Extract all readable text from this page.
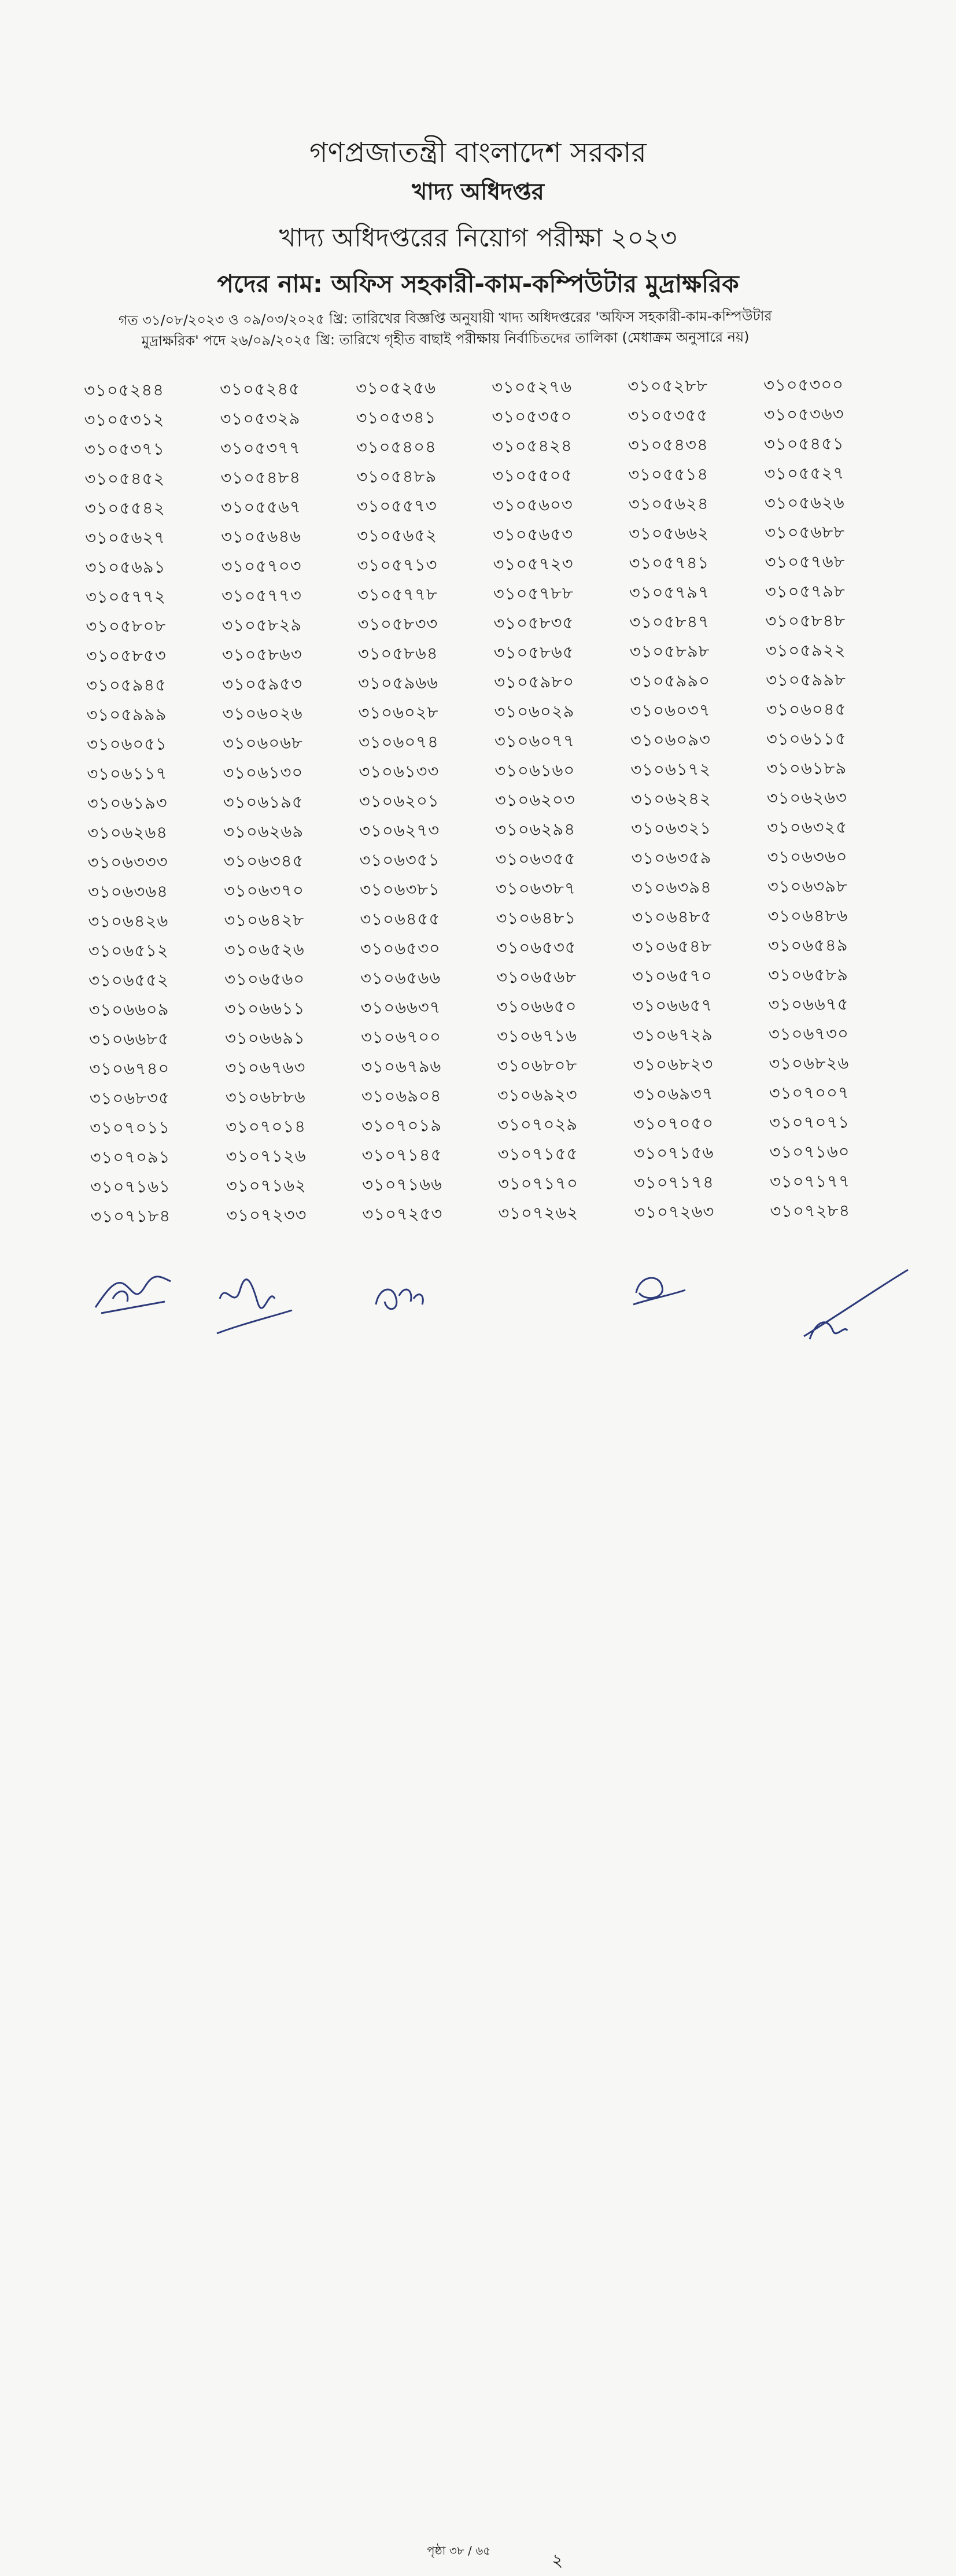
গণপ্রজাতন্ত্রী বাংলাদেশ সরকার
খাদ্য অধিদপ্তর
খাদ্য অধিদপ্তরের নিয়োগ পরীক্ষা ২০২৩
পদের নাম: অফিস সহকারী-কাম-কম্পিউটার মুদ্রাক্ষরিক
গত ৩১/০৮/২০২৩ ও ০৯/০৩/২০২৫ খ্রি: তারিখের বিজ্ঞপ্তি অনুযায়ী খাদ্য অধিদপ্তরের 'অফিস সহকারী-কাম-কম্পিউটার
মুদ্রাক্ষরিক' পদে ২৬/০৯/২০২৫ খ্রি: তারিখে গৃহীত বাছাই পরীক্ষায় নির্বাচিতদের তালিকা (মেধাক্রম অনুসারে নয়)
৩১০৫২৪৪	৩১০৫২৪৫	৩১০৫২৫৬	৩১০৫২৭৬	৩১০৫২৮৮	৩১০৫৩০০
৩১০৫৩১২	৩১০৫৩২৯	৩১০৫৩৪১	৩১০৫৩৫০	৩১০৫৩৫৫	৩১০৫৩৬৩
৩১০৫৩৭১	৩১০৫৩৭৭	৩১০৫৪০৪	৩১০৫৪২৪	৩১০৫৪৩৪	৩১০৫৪৫১
৩১০৫৪৫২	৩১০৫৪৮৪	৩১০৫৪৮৯	৩১০৫৫০৫	৩১০৫৫১৪	৩১০৫৫২৭
৩১০৫৫৪২	৩১০৫৫৬৭	৩১০৫৫৭৩	৩১০৫৬০৩	৩১০৫৬২৪	৩১০৫৬২৬
৩১০৫৬২৭	৩১০৫৬৪৬	৩১০৫৬৫২	৩১০৫৬৫৩	৩১০৫৬৬২	৩১০৫৬৮৮
৩১০৫৬৯১	৩১০৫৭০৩	৩১০৫৭১৩	৩১০৫৭২৩	৩১০৫৭৪১	৩১০৫৭৬৮
৩১০৫৭৭২	৩১০৫৭৭৩	৩১০৫৭৭৮	৩১০৫৭৮৮	৩১০৫৭৯৭	৩১০৫৭৯৮
৩১০৫৮০৮	৩১০৫৮২৯	৩১০৫৮৩৩	৩১০৫৮৩৫	৩১০৫৮৪৭	৩১০৫৮৪৮
৩১০৫৮৫৩	৩১০৫৮৬৩	৩১০৫৮৬৪	৩১০৫৮৬৫	৩১০৫৮৯৮	৩১০৫৯২২
৩১০৫৯৪৫	৩১০৫৯৫৩	৩১০৫৯৬৬	৩১০৫৯৮০	৩১০৫৯৯০	৩১০৫৯৯৮
৩১০৫৯৯৯	৩১০৬০২৬	৩১০৬০২৮	৩১০৬০২৯	৩১০৬০৩৭	৩১০৬০৪৫
৩১০৬০৫১	৩১০৬০৬৮	৩১০৬০৭৪	৩১০৬০৭৭	৩১০৬০৯৩	৩১০৬১১৫
৩১০৬১১৭	৩১০৬১৩০	৩১০৬১৩৩	৩১০৬১৬০	৩১০৬১৭২	৩১০৬১৮৯
৩১০৬১৯৩	৩১০৬১৯৫	৩১০৬২০১	৩১০৬২০৩	৩১০৬২৪২	৩১০৬২৬৩
৩১০৬২৬৪	৩১০৬২৬৯	৩১০৬২৭৩	৩১০৬২৯৪	৩১০৬৩২১	৩১০৬৩২৫
৩১০৬৩৩৩	৩১০৬৩৪৫	৩১০৬৩৫১	৩১০৬৩৫৫	৩১০৬৩৫৯	৩১০৬৩৬০
৩১০৬৩৬৪	৩১০৬৩৭০	৩১০৬৩৮১	৩১০৬৩৮৭	৩১০৬৩৯৪	৩১০৬৩৯৮
৩১০৬৪২৬	৩১০৬৪২৮	৩১০৬৪৫৫	৩১০৬৪৮১	৩১০৬৪৮৫	৩১০৬৪৮৬
৩১০৬৫১২	৩১০৬৫২৬	৩১০৬৫৩০	৩১০৬৫৩৫	৩১০৬৫৪৮	৩১০৬৫৪৯
৩১০৬৫৫২	৩১০৬৫৬০	৩১০৬৫৬৬	৩১০৬৫৬৮	৩১০৬৫৭০	৩১০৬৫৮৯
৩১০৬৬০৯	৩১০৬৬১১	৩১০৬৬৩৭	৩১০৬৬৫০	৩১০৬৬৫৭	৩১০৬৬৭৫
৩১০৬৬৮৫	৩১০৬৬৯১	৩১০৬৭০০	৩১০৬৭১৬	৩১০৬৭২৯	৩১০৬৭৩০
৩১০৬৭৪০	৩১০৬৭৬৩	৩১০৬৭৯৬	৩১০৬৮০৮	৩১০৬৮২৩	৩১০৬৮২৬
৩১০৬৮৩৫	৩১০৬৮৮৬	৩১০৬৯০৪	৩১০৬৯২৩	৩১০৬৯৩৭	৩১০৭০০৭
৩১০৭০১১	৩১০৭০১৪	৩১০৭০১৯	৩১০৭০২৯	৩১০৭০৫০	৩১০৭০৭১
৩১০৭০৯১	৩১০৭১২৬	৩১০৭১৪৫	৩১০৭১৫৫	৩১০৭১৫৬	৩১০৭১৬০
৩১০৭১৬১	৩১০৭১৬২	৩১০৭১৬৬	৩১০৭১৭০	৩১০৭১৭৪	৩১০৭১৭৭
৩১০৭১৮৪	৩১০৭২৩৩	৩১০৭২৫৩	৩১০৭২৬২	৩১০৭২৬৩	৩১০৭২৮৪
পৃষ্ঠা ৩৮ / ৬৫	২
